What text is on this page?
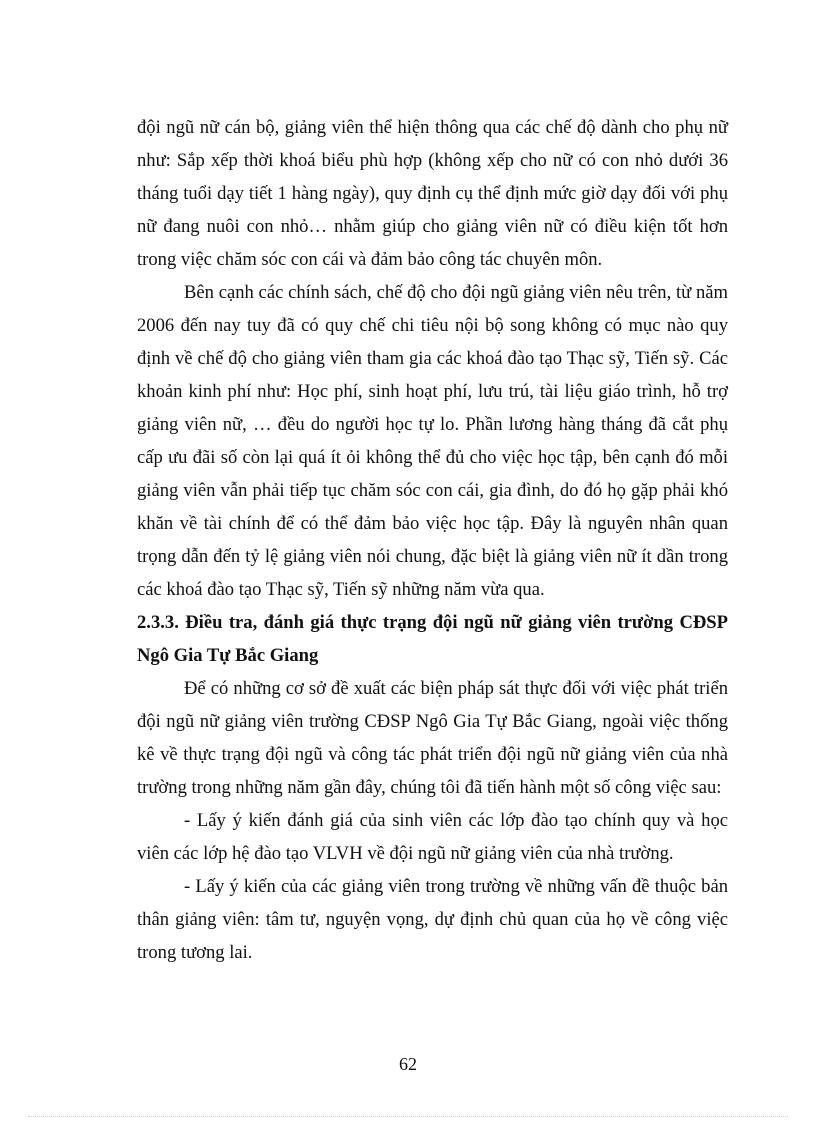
đội ngũ nữ cán bộ, giảng viên thể hiện thông qua các chế độ dành cho phụ nữ như: Sắp xếp thời khoá biểu phù hợp (không xếp cho nữ có con nhỏ dưới 36 tháng tuổi dạy tiết 1 hàng ngày), quy định cụ thể định mức giờ dạy đối với phụ nữ đang nuôi con nhỏ… nhằm giúp cho giảng viên nữ có điều kiện tốt hơn trong việc chăm sóc con cái và đảm bảo công tác chuyên môn.

Bên cạnh các chính sách, chế độ cho đội ngũ giảng viên nêu trên, từ năm 2006 đến nay tuy đã có quy chế chi tiêu nội bộ song không có mục nào quy định về chế độ cho giảng viên tham gia các khoá đào tạo Thạc sỹ, Tiến sỹ. Các khoản kinh phí như: Học phí, sinh hoạt phí, lưu trú, tài liệu giáo trình, hỗ trợ giảng viên nữ, … đều do người học tự lo. Phần lương hàng tháng đã cắt phụ cấp ưu đãi số còn lại quá ít ỏi không thể đủ cho việc học tập, bên cạnh đó mỗi giảng viên vẫn phải tiếp tục chăm sóc con cái, gia đình, do đó họ gặp phải khó khăn về tài chính để có thể đảm bảo việc học tập. Đây là nguyên nhân quan trọng dẫn đến tỷ lệ giảng viên nói chung, đặc biệt là giảng viên nữ ít dần trong các khoá đào tạo Thạc sỹ, Tiến sỹ những năm vừa qua.

2.3.3. Điều tra, đánh giá thực trạng đội ngũ nữ giảng viên trường CĐSP Ngô Gia Tự Bắc Giang

Để có những cơ sở đề xuất các biện pháp sát thực đối với việc phát triển đội ngũ nữ giảng viên trường CĐSP Ngô Gia Tự Bắc Giang, ngoài việc thống kê về thực trạng đội ngũ và công tác phát triển đội ngũ nữ giảng viên của nhà trường trong những năm gần đây, chúng tôi đã tiến hành một số công việc sau:

- Lấy ý kiến đánh giá của sinh viên các lớp đào tạo chính quy và học viên các lớp hệ đào tạo VLVH về đội ngũ nữ giảng viên của nhà trường.

- Lấy ý kiến của các giảng viên trong trường về những vấn đề thuộc bản thân giảng viên: tâm tư, nguyện vọng, dự định chủ quan của họ về công việc trong tương lai.

62
